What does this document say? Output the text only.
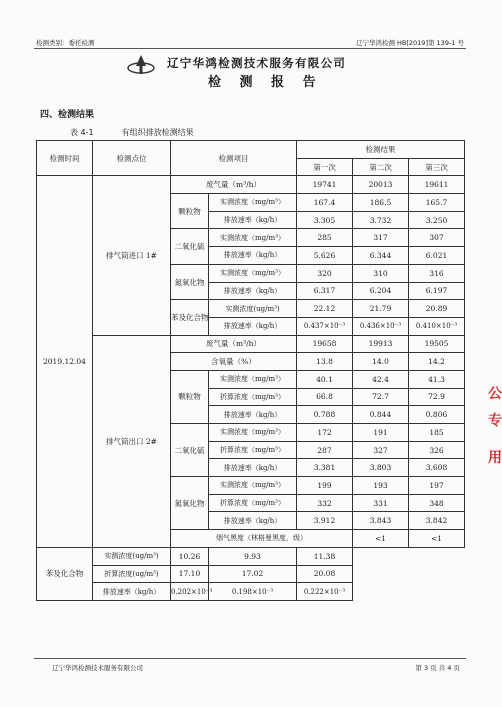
检测类别：委托检测	辽宁华鸿检测 HB[2019]第 139-1 号
辽宁华鸿检测技术服务有限公司
检 测 报 告
四、检测结果
表 4-1	有组织排放检测结果
检测时间	检测点位	检测项目		检测结果			
				第一次	第二次	第三次	
2019.12.04	排气筒进口 1#	废气量（m³/h）		19741	20013	19611	
		颗粒物	实测浓度（mg/m³）	167.4	186.5	165.7	
			排放速率（kg/h）	3.305	3.732	3.250	
		二氧化硫	实测浓度（mg/m³）	285	317	307	
			排放速率（kg/h）	5.626	6.344	6.021	
		氮氧化物	实测浓度（mg/m³）	320	310	316	
			排放速率（kg/h）	6.317	6.204	6.197	
		苯及化合物	实测浓度(ug/m³)	22.12	21.79	20.89	
			排放速率（kg/h）	0.437×10⁻³	0.436×10⁻³	0.410×10⁻³	
	排气筒出口 2#	废气量（m³/h）		19658	19913	19505	
		含氧量（%）		13.8	14.0	14.2	
		颗粒物	实测浓度（mg/m³）	40.1	42.4	41.3	
			折算浓度（mg/m³）	66.8	72.7	72.9	
			排放速率（kg/h）	0.788	0.844	0.806	
		二氧化硫	实测浓度（mg/m³）	172	191	185	
			折算浓度（mg/m³）	287	327	326	
			排放速率（kg/h）	3.381	3.803	3.608	
		氮氧化物	实测浓度（mg/m³）	199	193	197	
			折算浓度（mg/m³）	332	331	348	
			排放速率（kg/h）	3.912	3.843	3.842	
		烟气黑度（林格曼黑度，级）			<1	<1	
苯及化合物	实测浓度(ug/m³)	10.26	9.93	11.38			
	折算浓度(ug/m³)	17.10	17.02	20.08			
	排放速率（kg/h）	0.202×10⁻³	0.198×10⁻³	0.222×10⁻³			
公
专
用
辽宁华鸿检测技术服务有限公司	第 3 页 共 4 页
